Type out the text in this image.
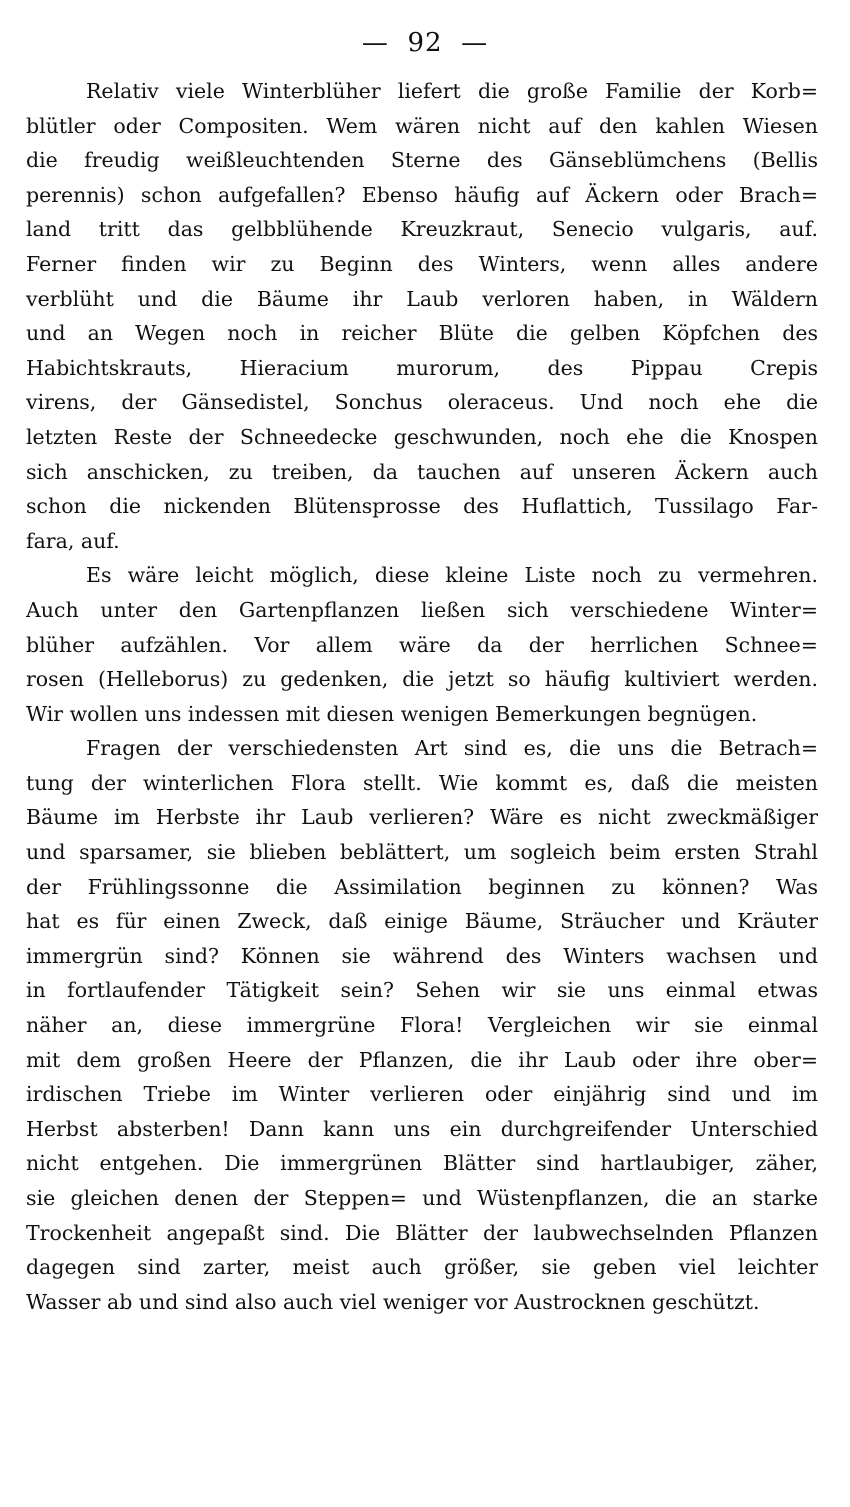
—  92  —
Relativ viele Winterblüher liefert die große Familie der Korb=
blütler oder Compositen. Wem wären nicht auf den kahlen Wiesen
die freudig weißleuchtenden Sterne des Gänseblümchens (Bellis
perennis) schon aufgefallen? Ebenso häufig auf Äckern oder Brach=
land tritt das gelbblühende Kreuzkraut, Senecio vulgaris, auf.
Ferner finden wir zu Beginn des Winters, wenn alles andere
verblüht und die Bäume ihr Laub verloren haben, in Wäldern
und an Wegen noch in reicher Blüte die gelben Köpfchen des
Habichtskrauts, Hieracium murorum, des Pippau Crepis
virens, der Gänsedistel, Sonchus oleraceus. Und noch ehe die
letzten Reste der Schneedecke geschwunden, noch ehe die Knospen
sich anschicken, zu treiben, da tauchen auf unseren Äckern auch
schon die nickenden Blütensprosse des Huflattich, Tussilago Far-
fara, auf.
Es wäre leicht möglich, diese kleine Liste noch zu vermehren.
Auch unter den Gartenpflanzen ließen sich verschiedene Winter=
blüher aufzählen. Vor allem wäre da der herrlichen Schnee=
rosen (Helleborus) zu gedenken, die jetzt so häufig kultiviert werden.
Wir wollen uns indessen mit diesen wenigen Bemerkungen begnügen.
Fragen der verschiedensten Art sind es, die uns die Betrach=
tung der winterlichen Flora stellt. Wie kommt es, daß die meisten
Bäume im Herbste ihr Laub verlieren? Wäre es nicht zweckmäßiger
und sparsamer, sie blieben beblättert, um sogleich beim ersten Strahl
der Frühlingssonne die Assimilation beginnen zu können? Was
hat es für einen Zweck, daß einige Bäume, Sträucher und Kräuter
immergrün sind? Können sie während des Winters wachsen und
in fortlaufender Tätigkeit sein? Sehen wir sie uns einmal etwas
näher an, diese immergrüne Flora! Vergleichen wir sie einmal
mit dem großen Heere der Pflanzen, die ihr Laub oder ihre ober=
irdischen Triebe im Winter verlieren oder einjährig sind und im
Herbst absterben! Dann kann uns ein durchgreifender Unterschied
nicht entgehen. Die immergrünen Blätter sind hartlaubiger, zäher,
sie gleichen denen der Steppen= und Wüstenpflanzen, die an starke
Trockenheit angepaßt sind. Die Blätter der laubwechselnden Pflanzen
dagegen sind zarter, meist auch größer, sie geben viel leichter
Wasser ab und sind also auch viel weniger vor Austrocknen geschützt.
